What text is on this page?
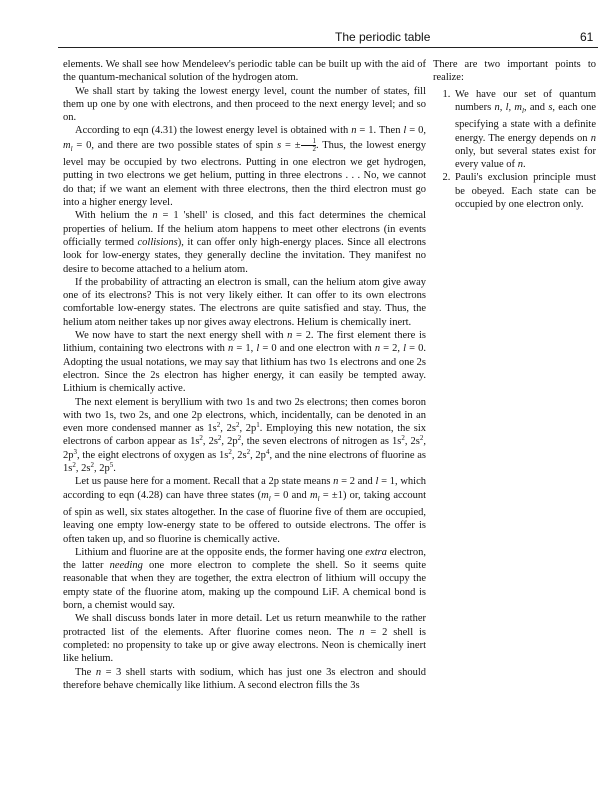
The periodic table	61

elements. We shall see how Mendeleev's periodic table can be built up with the aid of the quantum-mechanical solution of the hydrogen atom.

We shall start by taking the lowest energy level, count the number of states, fill them up one by one with electrons, and then proceed to the next energy level; and so on.

According to eqn (4.31) the lowest energy level is obtained with n = 1. Then l = 0, $m_l = 0$, and there are two possible states of spin s = ± $\frac{1}{2}$ . Thus, the lowest energy level may be occupied by two electrons. Putting in one electron we get hydrogen, putting in two electrons we get helium, putting in three electrons . . . No, we cannot do that; if we want an element with three electrons, then the third electron must go into a higher energy level.

With helium the n = 1 'shell' is closed, and this fact determines the chemical properties of helium. If the helium atom happens to meet other electrons (in events officially termed collisions), it can offer only high-energy places. Since all electrons look for low-energy states, they generally decline the invitation. They manifest no desire to become attached to a helium atom.

If the probability of attracting an electron is small, can the helium atom give away one of its electrons? This is not very likely either. It can offer to its own electrons comfortable low-energy states. The electrons are quite satisfied and stay. Thus, the helium atom neither takes up nor gives away electrons. Helium is chemically inert.

We now have to start the next energy shell with n = 2. The first element there is lithium, containing two electrons with n = 1, l = 0 and one electron with n = 2, l = 0. Adopting the usual notations, we may say that lithium has two 1s electrons and one 2s electron. Since the 2s electron has higher energy, it can easily be tempted away. Lithium is chemically active.

The next element is beryllium with two 1s and two 2s electrons; then comes boron with two 1s, two 2s, and one 2p electrons, which, incidentally, can be denoted in an even more condensed manner as $1s^2$, $2s^2$, $2p^1$. Employing this new notation, the six electrons of carbon appear as $1s^2$, $2s^2$, $2p^2$, the seven electrons of nitrogen as $1s^2$, $2s^2$, $2p^3$, the eight electrons of oxygen as $1s^2$, $2s^2$, $2p^4$, and the nine electrons of fluorine as $1s^2$, $2s^2$, $2p^5$.

Let us pause here for a moment. Recall that a 2p state means n = 2 and l = 1, which according to eqn (4.28) can have three states ($m_l = 0$ and $m_l = \pm 1$) or, taking account of spin as well, six states altogether. In the case of fluorine five of them are occupied, leaving one empty low-energy state to be offered to outside electrons. The offer is often taken up, and so fluorine is chemically active.

Lithium and fluorine are at the opposite ends, the former having one extra electron, the latter needing one more electron to complete the shell. So it seems quite reasonable that when they are together, the extra electron of lithium will occupy the empty state of the fluorine atom, making up the compound LiF. A chemical bond is born, a chemist would say.

We shall discuss bonds later in more detail. Let us return meanwhile to the rather protracted list of the elements. After fluorine comes neon. The n = 2 shell is completed: no propensity to take up or give away electrons. Neon is chemically inert like helium.

The n = 3 shell starts with sodium, which has just one 3s electron and should therefore behave chemically like lithium. A second electron fills the 3s

There are two important points to realize:

1. We have our set of quantum numbers n, l, $m_l$, and s, each one specifying a state with a definite energy. The energy depends on n only, but several states exist for every value of n.
2. Pauli's exclusion principle must be obeyed. Each state can be occupied by one electron only.
